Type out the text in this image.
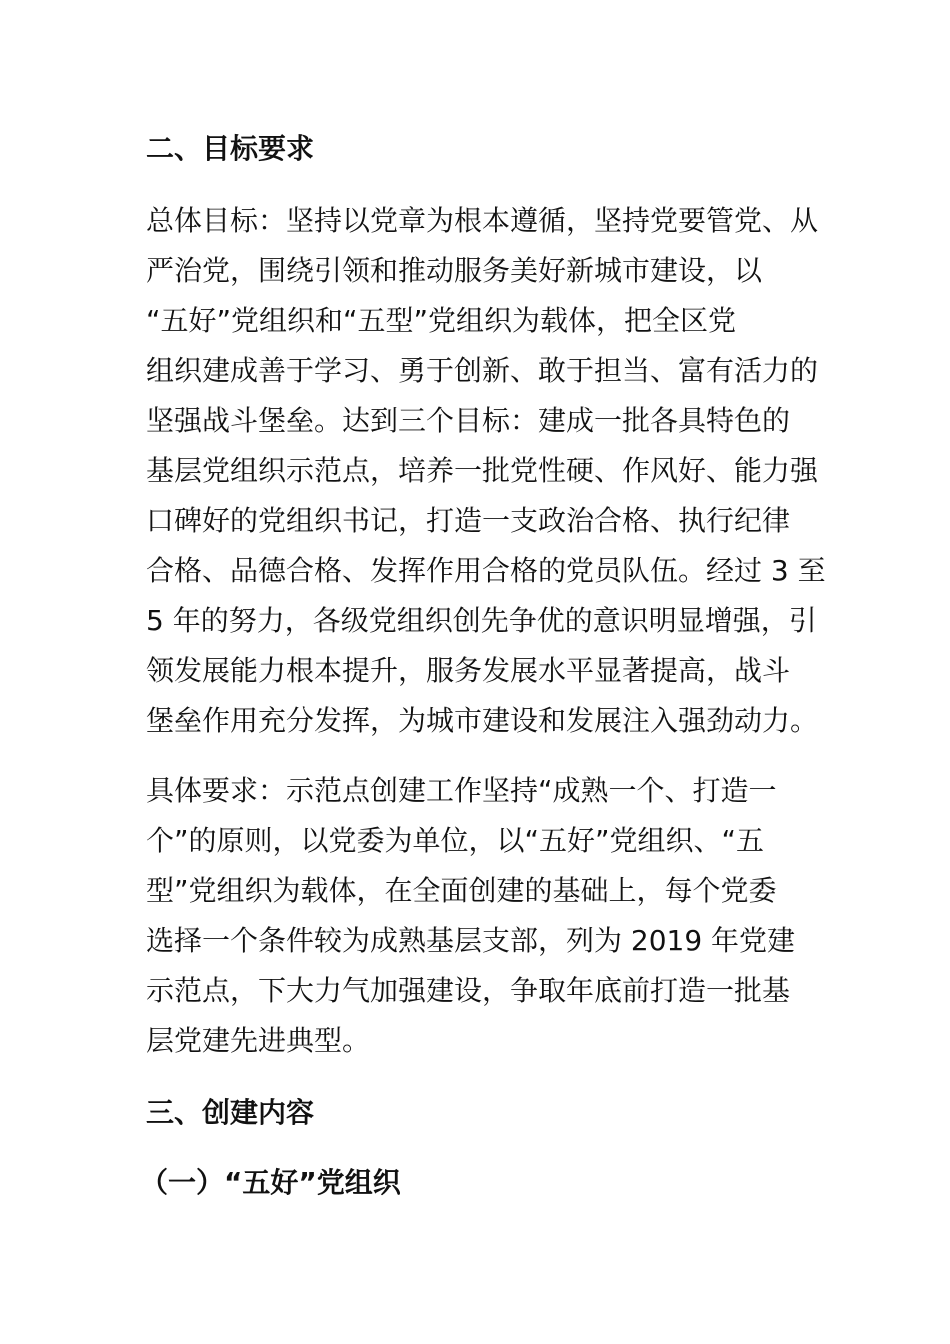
二、目标要求

总体目标：坚持以党章为根本遵循，坚持党要管党、从
严治党，围绕引领和推动服务美好新城市建设，以
“五好”党组织和“五型”党组织为载体，把全区党
组织建成善于学习、勇于创新、敢于担当、富有活力的
坚强战斗堡垒。达到三个目标：建成一批各具特色的
基层党组织示范点，培养一批党性硬、作风好、能力强
口碑好的党组织书记，打造一支政治合格、执行纪律
合格、品德合格、发挥作用合格的党员队伍。经过 3 至
5 年的努力，各级党组织创先争优的意识明显增强，引
领发展能力根本提升，服务发展水平显著提高，战斗
堡垒作用充分发挥，为城市建设和发展注入强劲动力。

具体要求：示范点创建工作坚持“成熟一个、打造一
个”的原则，以党委为单位，以“五好”党组织、“五
型”党组织为载体，在全面创建的基础上，每个党委
选择一个条件较为成熟基层支部，列为 2019 年党建
示范点，下大力气加强建设，争取年底前打造一批基
层党建先进典型。

三、创建内容
（一）“五好”党组织
